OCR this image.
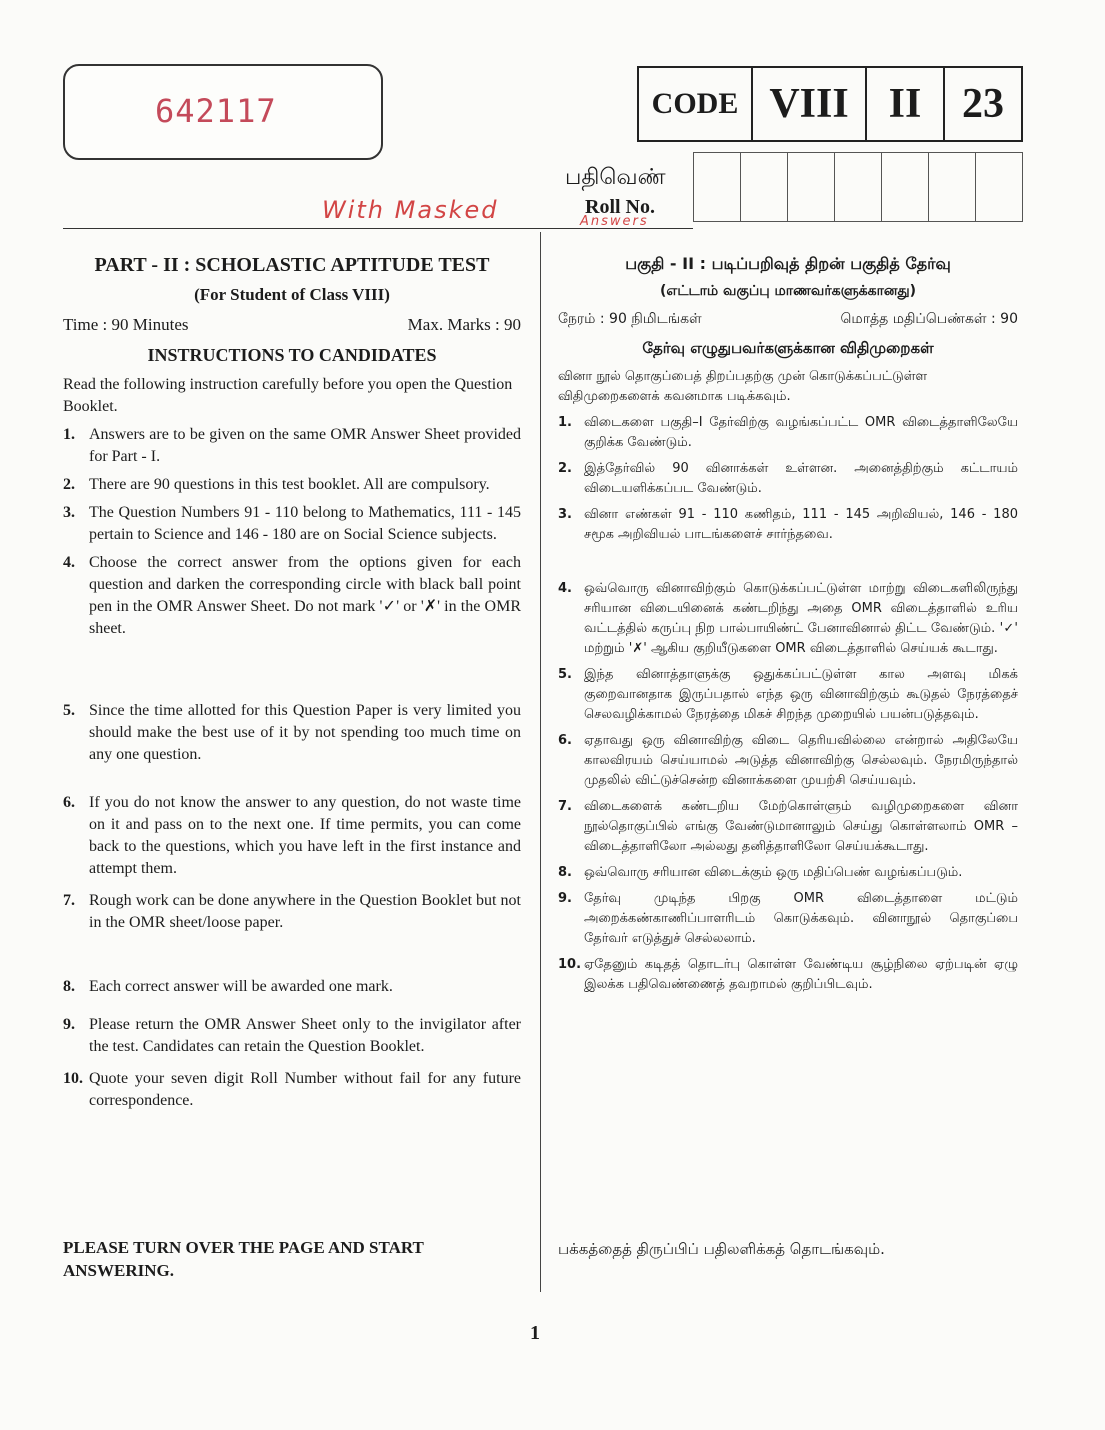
642117	CODE VIII II 23
பதிவெண்
Roll No.
With Masked	Answers
PART - II : SCHOLASTIC APTITUDE TEST
(For Student of Class VIII)
Time : 90 Minutes	Max. Marks : 90
INSTRUCTIONS TO CANDIDATES
Read the following instruction carefully before you open the Question Booklet.
1. Answers are to be given on the same OMR Answer Sheet provided for Part - I.
2. There are 90 questions in this test booklet. All are compulsory.
3. The Question Numbers 91 - 110 belong to Mathematics, 111 - 145 pertain to Science and 146 - 180 are on Social Science subjects.
4. Choose the correct answer from the options given for each question and darken the corresponding circle with black ball point pen in the OMR Answer Sheet. Do not mark '✓' or '✗' in the OMR sheet.
5. Since the time allotted for this Question Paper is very limited you should make the best use of it by not spending too much time on any one question.
6. If you do not know the answer to any question, do not waste time on it and pass on to the next one. If time permits, you can come back to the questions, which you have left in the first instance and attempt them.
7. Rough work can be done anywhere in the Question Booklet but not in the OMR sheet/loose paper.
8. Each correct answer will be awarded one mark.
9. Please return the OMR Answer Sheet only to the invigilator after the test. Candidates can retain the Question Booklet.
10. Quote your seven digit Roll Number without fail for any future correspondence.
PLEASE TURN OVER THE PAGE AND START ANSWERING.
பகுதி - II : படிப்பறிவுத் திறன் பகுதித் தேர்வு
(எட்டாம் வகுப்பு மாணவர்களுக்கானது)
நேரம் : 90 நிமிடங்கள்	மொத்த மதிப்பெண்கள் : 90
தேர்வு எழுதுபவர்களுக்கான விதிமுறைகள்
வினா நூல் தொகுப்பைத் திறப்பதற்கு முன் கொடுக்கப்பட்டுள்ள விதிமுறைகளைக் கவனமாக படிக்கவும்.
1. விடைகளை பகுதி–I தேர்விற்கு வழங்கப்பட்ட OMR விடைத்தாளிலேயே குறிக்க வேண்டும்.
2. இத்தேர்வில் 90 வினாக்கள் உள்ளன. அனைத்திற்கும் கட்டாயம் விடையளிக்கப்பட வேண்டும்.
3. வினா எண்கள் 91 - 110 கணிதம், 111 - 145 அறிவியல், 146 - 180 சமூக அறிவியல் பாடங்களைச் சார்ந்தவை.
4. ஒவ்வொரு வினாவிற்கும் கொடுக்கப்பட்டுள்ள மாற்று விடைகளிலிருந்து சரியான விடையினைக் கண்டறிந்து அதை OMR விடைத்தாளில் உரிய வட்டத்தில் கருப்பு நிற பால்பாயிண்ட் பேனாவினால் திட்ட வேண்டும். '✓' மற்றும் '✗' ஆகிய குறியீடுகளை OMR விடைத்தாளில் செய்யக் கூடாது.
5. இந்த வினாத்தாளுக்கு ஒதுக்கப்பட்டுள்ள கால அளவு மிகக் குறைவானதாக இருப்பதால் எந்த ஒரு வினாவிற்கும் கூடுதல் நேரத்தைச் செலவழிக்காமல் நேரத்தை மிகச் சிறந்த முறையில் பயன்படுத்தவும்.
6. ஏதாவது ஒரு வினாவிற்கு விடை தெரியவில்லை என்றால் அதிலேயே காலவிரயம் செய்யாமல் அடுத்த வினாவிற்கு செல்லவும். நேரமிருந்தால் முதலில் விட்டுச்சென்ற வினாக்களை முயற்சி செய்யவும்.
7. விடைகளைக் கண்டறிய மேற்கொள்ளும் வழிமுறைகளை வினா நூல்தொகுப்பில் எங்கு வேண்டுமானாலும் செய்து கொள்ளலாம் OMR – விடைத்தாளிலோ அல்லது தனித்தாளிலோ செய்யக்கூடாது.
8. ஒவ்வொரு சரியான விடைக்கும் ஒரு மதிப்பெண் வழங்கப்படும்.
9. தேர்வு முடிந்த பிறகு OMR விடைத்தாளை மட்டும் அறைக்கண்காணிப்பாளரிடம் கொடுக்கவும். வினாநூல் தொகுப்பை தேர்வர் எடுத்துச் செல்லலாம்.
10. ஏதேனும் கடிதத் தொடர்பு கொள்ள வேண்டிய சூழ்நிலை ஏற்படின் ஏழு இலக்க பதிவெண்ணைத் தவறாமல் குறிப்பிடவும்.
பக்கத்தைத் திருப்பிப் பதிலளிக்கத் தொடங்கவும்.
1
